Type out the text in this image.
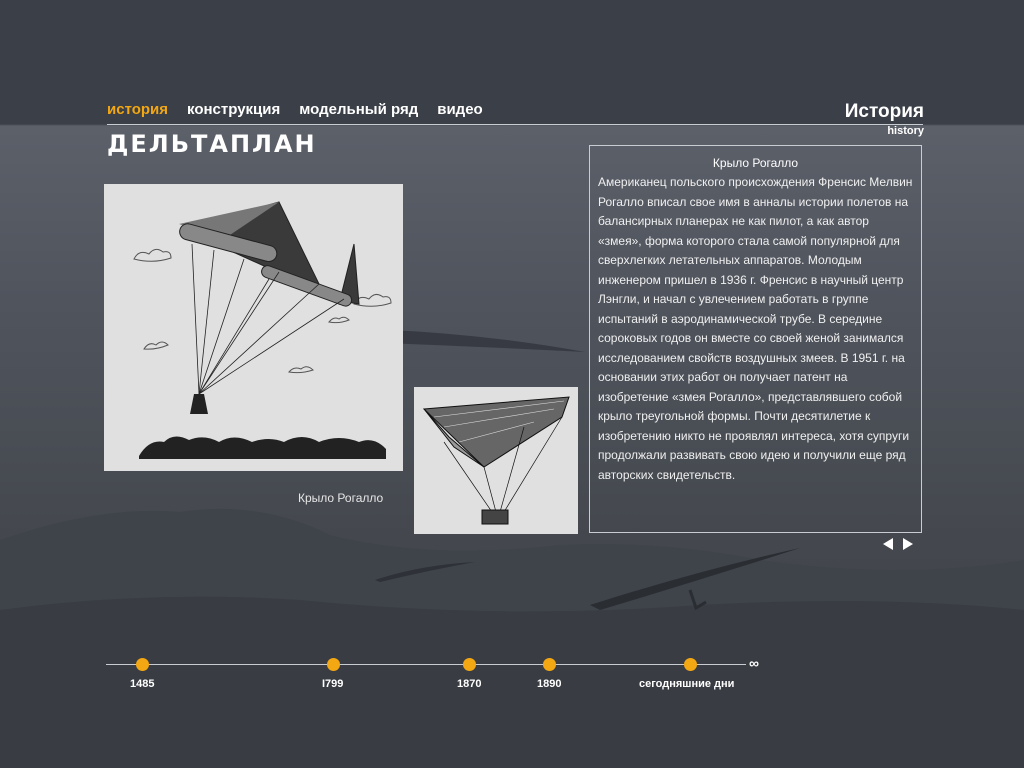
история конструкция модельный ряд видео	История
history
ДЕЛЬТАПЛАН
Крыло Рогалло

Крыло Рогалло

Американец польского происхождения Френсис Мелвин Рогалло вписал свое имя в анналы истории полетов на балансирных планерах не как пилот, а как автор «змея», форма которого стала самой популярной для сверхлегких летательных аппаратов. Молодым инженером пришел в 1936 г. Френсис в научный центр Лэнгли, и начал с увлечением работать в группе испытаний в аэродинамической трубе. В середине сороковых годов он вместе со своей женой занимался исследованием свойств воздушных змеев. В 1951 г. на основании этих работ он получает патент на изобретение «змея Рогалло», представлявшего собой крыло треугольной формы. Почти десятилетие к изобретению никто не проявлял интереса, хотя супруги продолжали развивать свою идею и получили еще ряд авторских свидетельств.

∞
1485	I799	1870	1890	сегодняшние дни
